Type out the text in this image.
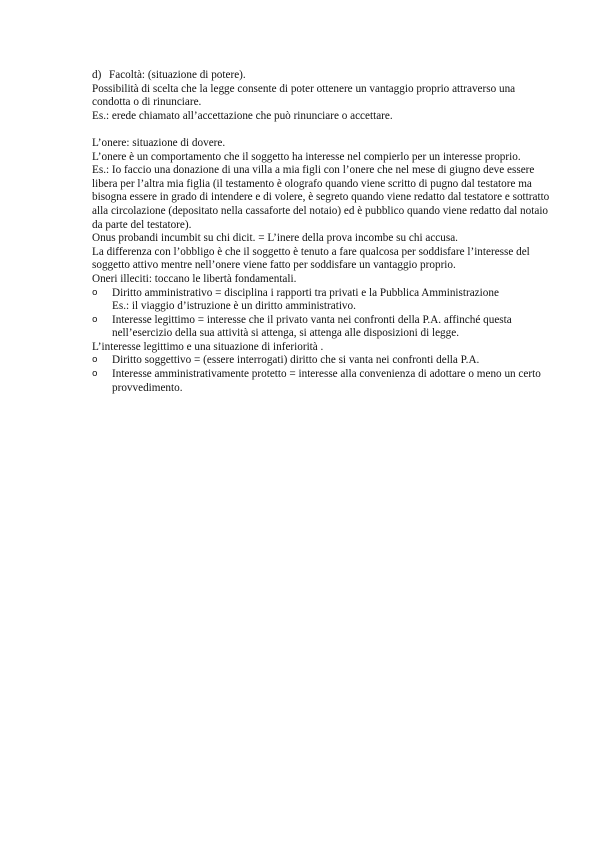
d) Facoltà: (situazione di potere).

Possibilità di scelta che la legge consente di poter ottenere un vantaggio proprio attraverso una condotta o di rinunciare.

Es.: erede chiamato all’accettazione che può rinunciare o accettare.

L’onere: situazione di dovere.

L’onere è un comportamento che il soggetto ha interesse nel compierlo per un interesse proprio.

Es.: Io faccio una donazione di una villa a mia figli con l’onere che nel mese di giugno deve essere libera per l’altra mia figlia (il testamento è olografo quando viene scritto di pugno dal testatore ma bisogna essere in grado di intendere e di volere, è segreto quando viene redatto dal testatore e sottratto alla circolazione (depositato nella cassaforte del notaio) ed è pubblico quando viene redatto dal notaio da parte del testatore).

Onus probandi incumbit su chi dicit. = L’inere della prova incombe su chi accusa.

La differenza con l’obbligo è che il soggetto è tenuto a fare qualcosa per soddisfare l’interesse del soggetto attivo mentre nell’onere viene fatto per soddisfare un vantaggio proprio.

Oneri illeciti: toccano le libertà fondamentali.

o	Diritto amministrativo = disciplina i rapporti tra privati e la Pubblica Amministrazione
Es.: il viaggio d’istruzione è un diritto amministrativo.
o	Interesse legittimo = interesse che il privato vanta nei confronti della P.A. affinché questa nell’esercizio della sua attività si attenga, si attenga alle disposizioni di legge.

L’interesse legittimo e una situazione di inferiorità .

o	Diritto soggettivo = (essere interrogati) diritto che si vanta nei confronti della P.A.
o	Interesse amministrativamente protetto = interesse alla convenienza di adottare o meno un certo provvedimento.
